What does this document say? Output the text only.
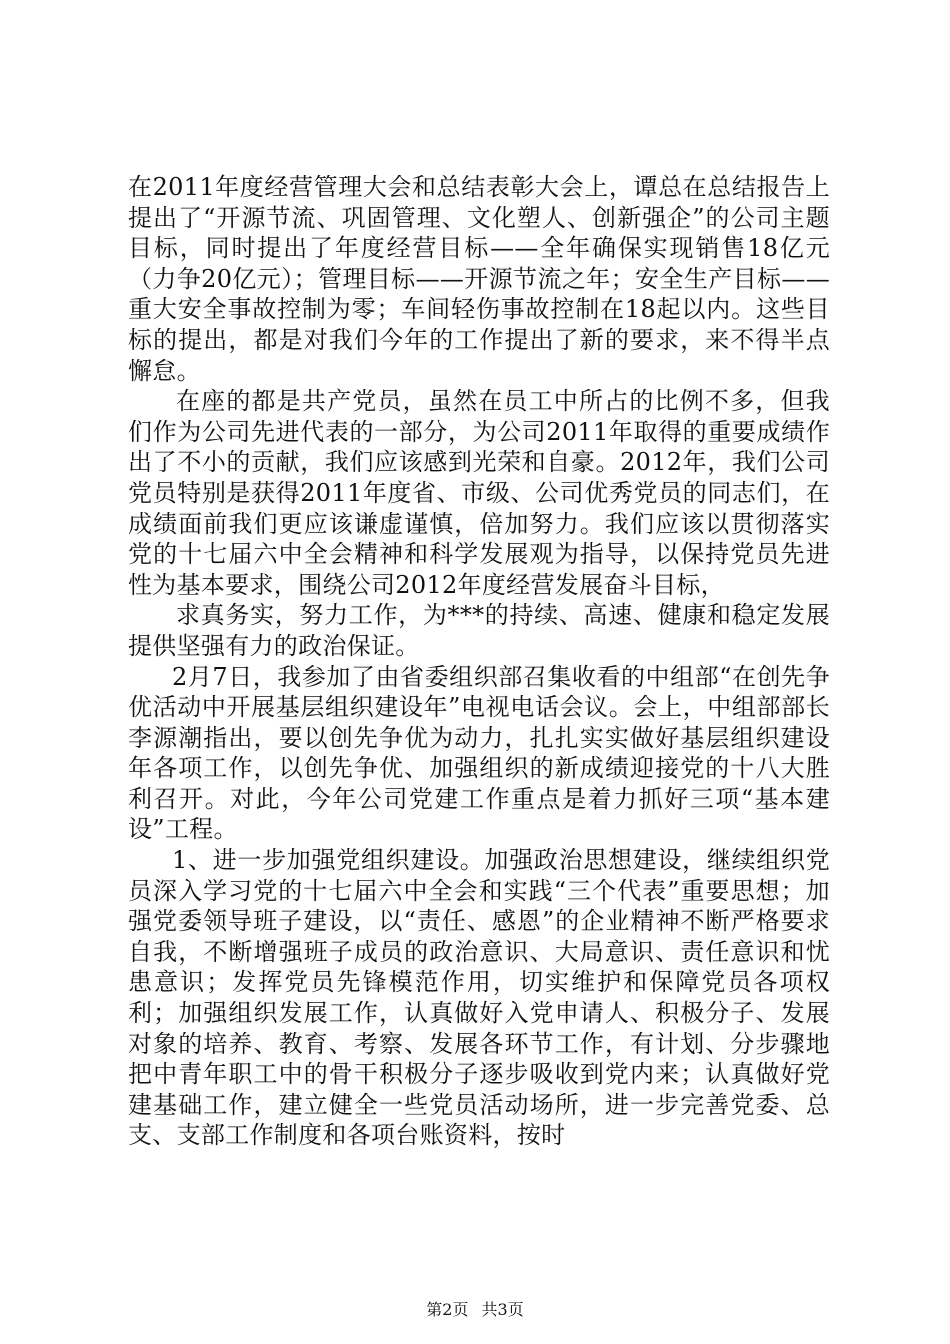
在2011年度经营管理大会和总结表彰大会上，谭总在总结报告上提出了“开源节流、巩固管理、文化塑人、创新强企”的公司主题目标，同时提出了年度经营目标——全年确保实现销售18亿元（力争20亿元）；管理目标——开源节流之年；安全生产目标——重大安全事故控制为零；车间轻伤事故控制在18起以内。这些目标的提出，都是对我们今年的工作提出了新的要求，来不得半点懈怠。

在座的都是共产党员，虽然在员工中所占的比例不多，但我们作为公司先进代表的一部分，为公司2011年取得的重要成绩作出了不小的贡献，我们应该感到光荣和自豪。2012年，我们公司党员特别是获得2011年度省、市级、公司优秀党员的同志们，在成绩面前我们更应该谦虚谨慎，倍加努力。我们应该以贯彻落实党的十七届六中全会精神和科学发展观为指导，以保持党员先进性为基本要求，围绕公司2012年度经营发展奋斗目标，

求真务实，努力工作，为***的持续、高速、健康和稳定发展提供坚强有力的政治保证。

2月7日，我参加了由省委组织部召集收看的中组部“在创先争优活动中开展基层组织建设年”电视电话会议。会上，中组部部长李源潮指出，要以创先争优为动力，扎扎实实做好基层组织建设年各项工作，以创先争优、加强组织的新成绩迎接党的十八大胜利召开。对此，今年公司党建工作重点是着力抓好三项“基本建设”工程。

1、进一步加强党组织建设。加强政治思想建设，继续组织党员深入学习党的十七届六中全会和实践“三个代表”重要思想；加强党委领导班子建设，以“责任、感恩”的企业精神不断严格要求自我，不断增强班子成员的政治意识、大局意识、责任意识和忧患意识；发挥党员先锋模范作用，切实维护和保障党员各项权利；加强组织发展工作，认真做好入党申请人、积极分子、发展对象的培养、教育、考察、发展各环节工作，有计划、分步骤地把中青年职工中的骨干积极分子逐步吸收到党内来；认真做好党建基础工作，建立健全一些党员活动场所，进一步完善党委、总支、支部工作制度和各项台账资料，按时

第2页 共3页
